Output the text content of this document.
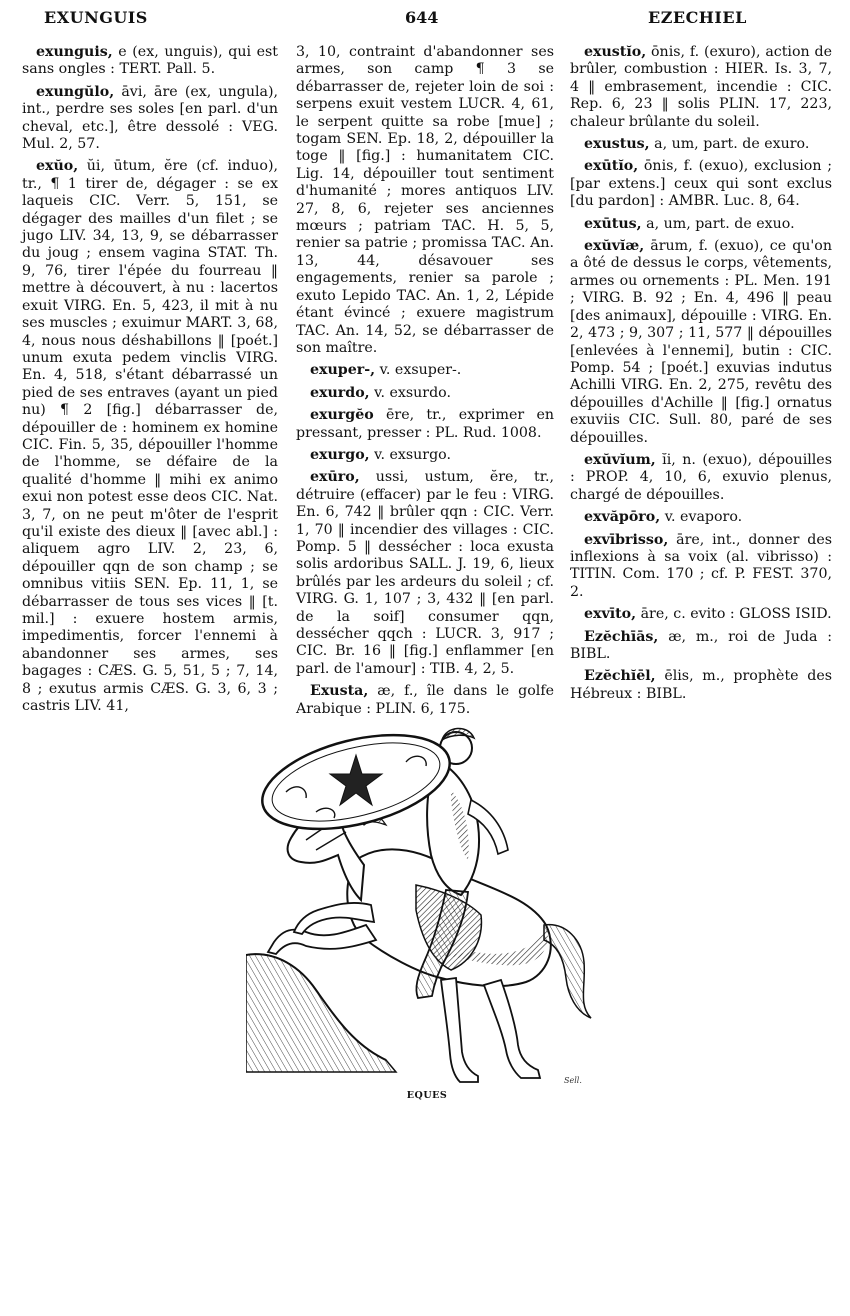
EXUNGUIS	644	EZECHIEL

exunguis, e (ex, unguis), qui est sans ongles : TERT. Pall. 5.

exungŭlo, āvi, āre (ex, ungula), int., perdre ses soles [en parl. d'un cheval, etc.], être dessolé : VEG. Mul. 2, 57.

exŭo, ŭi, ūtum, ĕre (cf. induo), tr., ¶ 1 tirer de, dégager : se ex laqueis CIC. Verr. 5, 151, se dégager des mailles d'un filet ; se jugo LIV. 34, 13, 9, se débarrasser du joug ; ensem vagina STAT. Th. 9, 76, tirer l'épée du fourreau ‖ mettre à découvert, à nu : lacertos exuit VIRG. En. 5, 423, il mit à nu ses muscles ; exuimur MART. 3, 68, 4, nous nous déshabillons ‖ [poét.] unum exuta pedem vinclis VIRG. En. 4, 518, s'étant débarrassé un pied de ses entraves (ayant un pied nu) ¶ 2 [fig.] débarrasser de, dépouiller de : hominem ex homine CIC. Fin. 5, 35, dépouiller l'homme de l'homme, se défaire de la qualité d'homme ‖ mihi ex animo exui non potest esse deos CIC. Nat. 3, 7, on ne peut m'ôter de l'esprit qu'il existe des dieux ‖ [avec abl.] : aliquem agro LIV. 2, 23, 6, dépouiller qqn de son champ ; se omnibus vitiis SEN. Ep. 11, 1, se débarrasser de tous ses vices ‖ [t. mil.] : exuere hostem armis, impedimentis, forcer l'ennemi à abandonner ses armes, ses bagages : CÆS. G. 5, 51, 5 ; 7, 14, 8 ; exutus armis CÆS. G. 3, 6, 3 ; castris LIV. 41,

3, 10, contraint d'abandonner ses armes, son camp ¶ 3 se débarrasser de, rejeter loin de soi : serpens exuit vestem LUCR. 4, 61, le serpent quitte sa robe [mue] ; togam SEN. Ep. 18, 2, dépouiller la toge ‖ [fig.] : humanitatem CIC. Lig. 14, dépouiller tout sentiment d'humanité ; mores antiquos LIV. 27, 8, 6, rejeter ses anciennes mœurs ; patriam TAC. H. 5, 5, renier sa patrie ; promissa TAC. An. 13, 44, désavouer ses engagements, renier sa parole ; exuto Lepido TAC. An. 1, 2, Lépide étant évincé ; exuere magistrum TAC. An. 14, 52, se débarrasser de son maître.

exuper-, v. exsuper-.

exurdo, v. exsurdo.

exurgĕo ēre, tr., exprimer en pressant, presser : PL. Rud. 1008.

exurgo, v. exsurgo.

exūro, ussi, ustum, ĕre, tr., détruire (effacer) par le feu : VIRG. En. 6, 742 ‖ brûler qqn : CIC. Verr. 1, 70 ‖ incendier des villages : CIC. Pomp. 5 ‖ dessécher : loca exusta solis ardoribus SALL. J. 19, 6, lieux brûlés par les ardeurs du soleil ; cf. VIRG. G. 1, 107 ; 3, 432 ‖ [en parl. de la soif] consumer qqn, dessécher qqch : LUCR. 3, 917 ; CIC. Br. 16 ‖ [fig.] enflammer [en parl. de l'amour] : TIB. 4, 2, 5.

Exusta, æ, f., île dans le golfe Arabique : PLIN. 6, 175.

exustĭo, ōnis, f. (exuro), action de brûler, combustion : HIER. Is. 3, 7, 4 ‖ embrasement, incendie : CIC. Rep. 6, 23 ‖ solis PLIN. 17, 223, chaleur brûlante du soleil.

exustus, a, um, part. de exuro.

exūtĭo, ōnis, f. (exuo), exclusion ; [par extens.] ceux qui sont exclus [du pardon] : AMBR. Luc. 8, 64.

exūtus, a, um, part. de exuo.

exŭvĭæ, ārum, f. (exuo), ce qu'on a ôté de dessus le corps, vêtements, armes ou ornements : PL. Men. 191 ; VIRG. B. 92 ; En. 4, 496 ‖ peau [des animaux], dépouille : VIRG. En. 2, 473 ; 9, 307 ; 11, 577 ‖ dépouilles [enlevées à l'ennemi], butin : CIC. Pomp. 54 ; [poét.] exuvias indutus Achilli VIRG. En. 2, 275, revêtu des dépouilles d'Achille ‖ [fig.] ornatus exuviis CIC. Sull. 80, paré de ses dépouilles.

exŭvĭum, ĭi, n. (exuo), dépouilles : PROP. 4, 10, 6, exuvio plenus, chargé de dépouilles.

exvăpōro, v. evaporo.

exvībrisso, āre, int., donner des inflexions à sa voix (al. vibrisso) : TITIN. Com. 170 ; cf. P. FEST. 370, 2.

exvīto, āre, c. evito : GLOSS ISID.

Ezĕchīās, æ, m., roi de Juda : BIBL.

Ezĕchĭēl, ēlis, m., prophète des Hébreux : BIBL.

Sell.
EQUES
